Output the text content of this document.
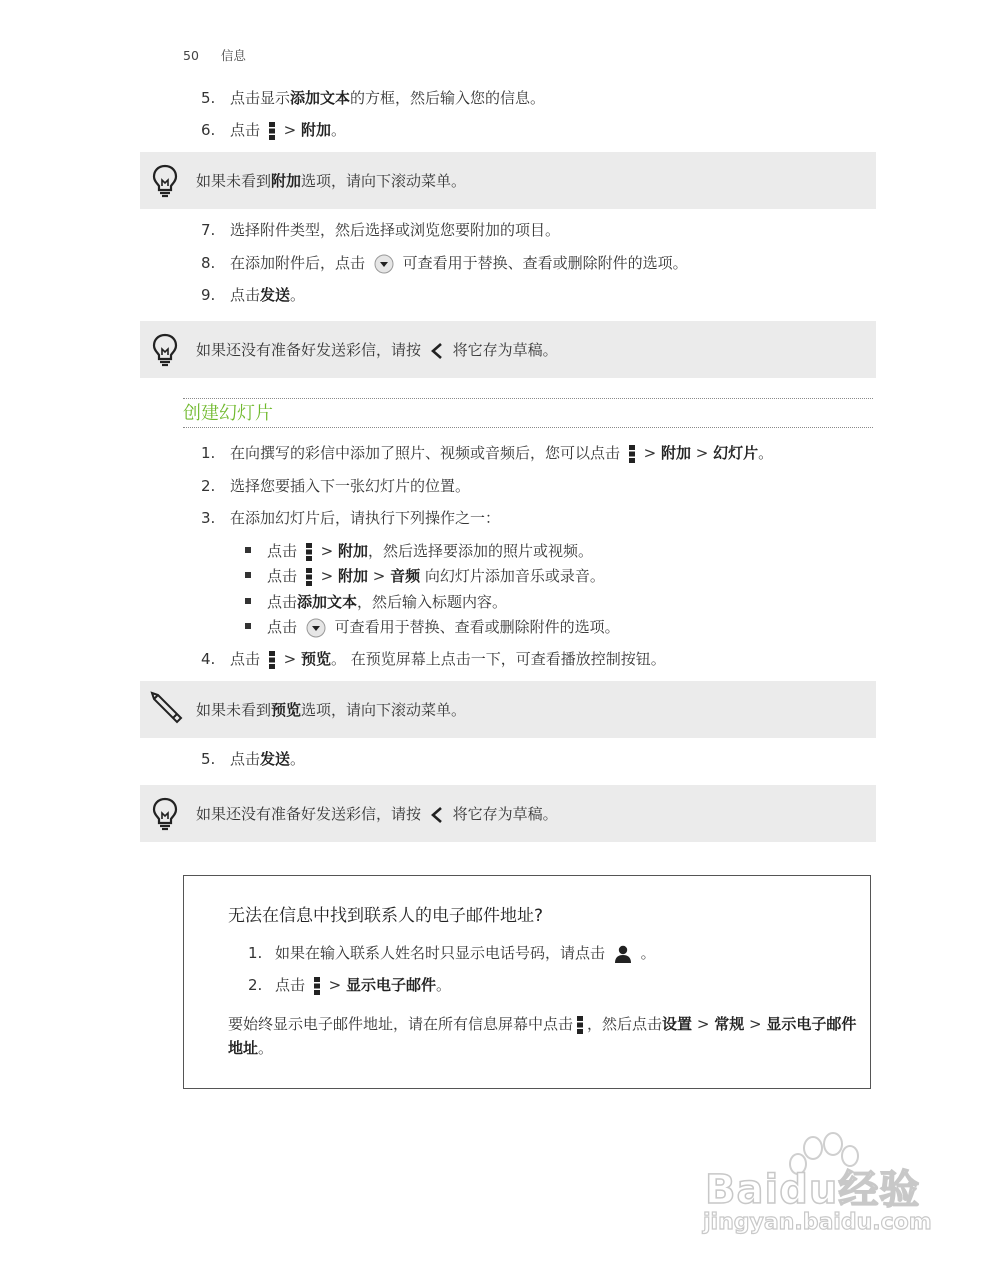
50 信息
5. 点击显示添加文本的方框，然后输入您的信息。
6. 点击 > 附加。
如果未看到附加选项，请向下滚动菜单。
7. 选择附件类型，然后选择或浏览您要附加的项目。
8. 在添加附件后，点击	可查看用于替换、查看或删除附件的选项。
9. 点击发送。
如果还没有准备好发送彩信，请按 将它存为草稿。
创建幻灯片
1. 在向撰写的彩信中添加了照片、视频或音频后，您可以点击 > 附加 > 幻灯片。
2. 选择您要插入下一张幻灯片的位置。
3. 在添加幻灯片后，请执行下列操作之一：
点击 > 附加，然后选择要添加的照片或视频。
点击 > 附加 > 音频 向幻灯片添加音乐或录音。
点击添加文本，然后输入标题内容。
点击	可查看用于替换、查看或删除附件的选项。
4. 点击 > 预览。 在预览屏幕上点击一下，可查看播放控制按钮。
如果未看到预览选项，请向下滚动菜单。
5. 点击发送。
如果还没有准备好发送彩信，请按 将它存为草稿。
无法在信息中找到联系人的电子邮件地址?
1. 如果在输入联系人姓名时只显示电话号码，请点击 。
2. 点击 > 显示电子邮件。
要始终显示电子邮件地址，请在所有信息屏幕中点击 ，然后点击设置 > 常规 > 显示电子邮件地址。
Baidu经验
jingyan.baidu.com
